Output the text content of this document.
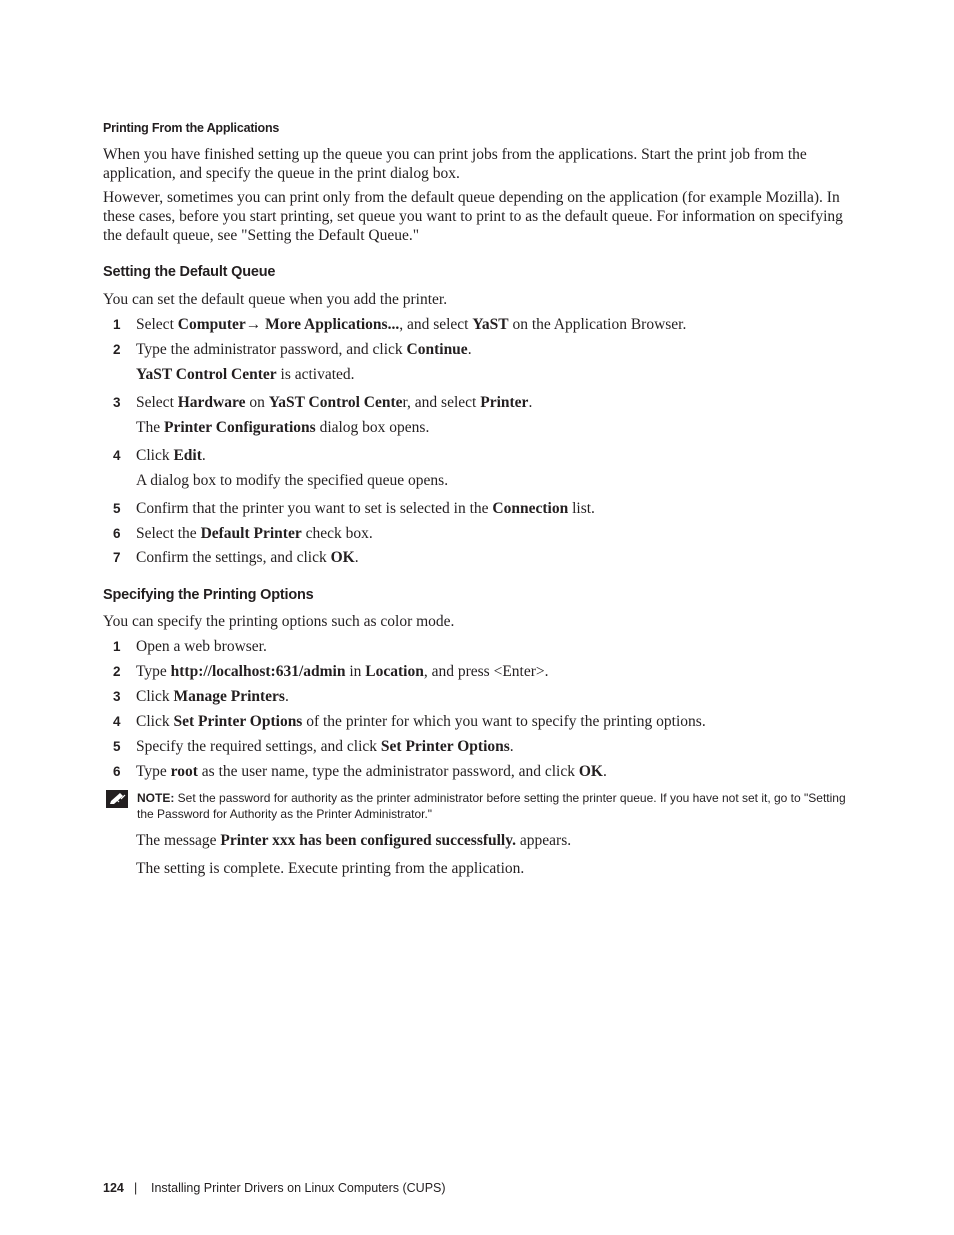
Printing From the Applications
When you have finished setting up the queue you can print jobs from the applications. Start the print job from the application, and specify the queue in the print dialog box.
However, sometimes you can print only from the default queue depending on the application (for example Mozilla). In these cases, before you start printing, set queue you want to print to as the default queue. For information on specifying the default queue, see "Setting the Default Queue."
Setting the Default Queue
You can set the default queue when you add the printer.
1 Select Computer→ More Applications..., and select YaST on the Application Browser.
2 Type the administrator password, and click Continue.
YaST Control Center is activated.
3 Select Hardware on YaST Control Center, and select Printer.
The Printer Configurations dialog box opens.
4 Click Edit.
A dialog box to modify the specified queue opens.
5 Confirm that the printer you want to set is selected in the Connection list.
6 Select the Default Printer check box.
7 Confirm the settings, and click OK.
Specifying the Printing Options
You can specify the printing options such as color mode.
1 Open a web browser.
2 Type http://localhost:631/admin in Location, and press <Enter>.
3 Click Manage Printers.
4 Click Set Printer Options of the printer for which you want to specify the printing options.
5 Specify the required settings, and click Set Printer Options.
6 Type root as the user name, type the administrator password, and click OK.
NOTE: Set the password for authority as the printer administrator before setting the printer queue. If you have not set it, go to "Setting the Password for Authority as the Printer Administrator."
The message Printer xxx has been configured successfully. appears.
The setting is complete. Execute printing from the application.
124 | Installing Printer Drivers on Linux Computers (CUPS)
